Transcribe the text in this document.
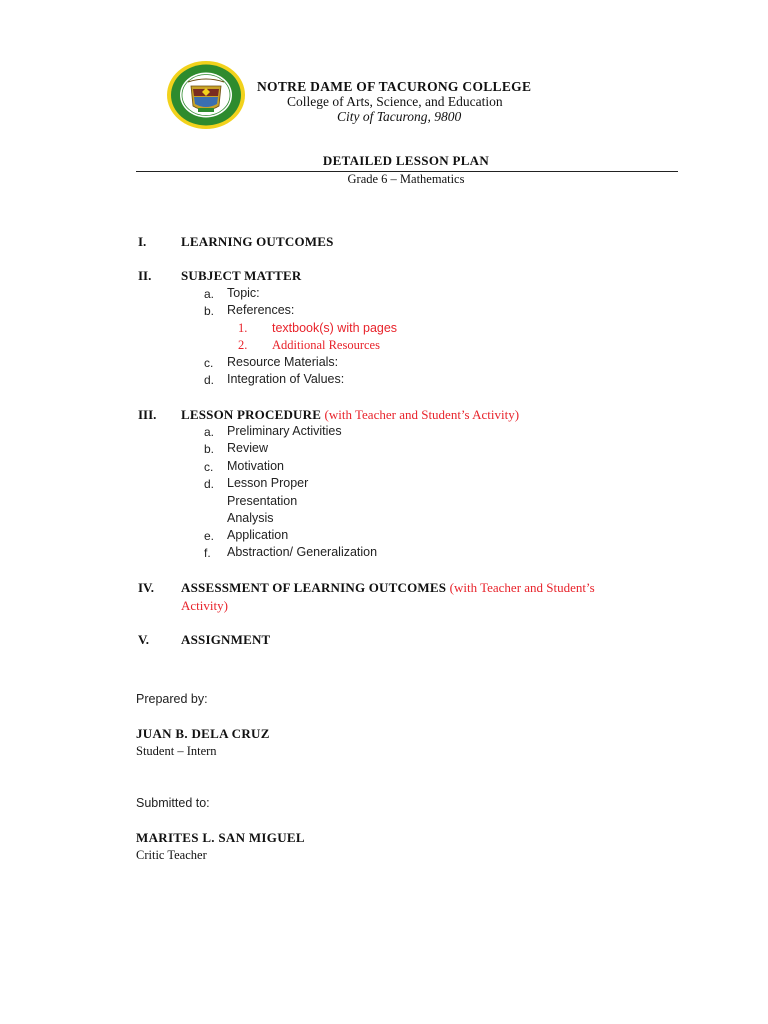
NOTRE DAME OF TACURONG COLLEGE
College of Arts, Science, and Education
City of Tacurong, 9800
DETAILED LESSON PLAN
Grade 6 – Mathematics
I.	LEARNING OUTCOMES
II.	SUBJECT MATTER
a.	Topic:
b.	References:
1. textbook(s) with pages
2. Additional Resources
c.	Resource Materials:
d.	Integration of Values:
III.	LESSON PROCEDURE (with Teacher and Student’s Activity)
a.	Preliminary Activities
b.	Review
c.	Motivation
d.	Lesson Proper
Presentation
Analysis
e.	Application
f.	Abstraction/ Generalization
IV.	ASSESSMENT OF LEARNING OUTCOMES (with Teacher and Student’s
Activity)
V.	ASSIGNMENT
Prepared by:
JUAN B. DELA CRUZ
Student – Intern
Submitted to:
MARITES L. SAN MIGUEL
Critic Teacher
